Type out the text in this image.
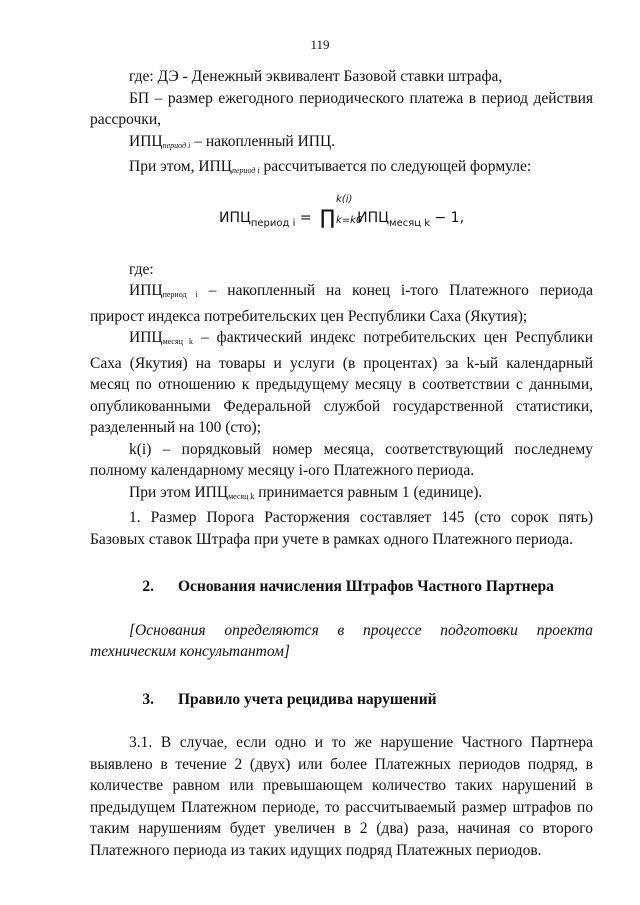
119

где: ДЭ - Денежный эквивалент Базовой ставки штрафа,

БП – размер ежегодного периодического платежа в период действия рассрочки,

ИПЦпериод i – накопленный ИПЦ.

При этом, ИПЦпериод i рассчитывается по следующей формуле:

$ИПЦ_{период i}$ = ∏
k(i)
k=k0
$ИПЦ_{месяц k} - 1$,

где:

ИПЦпериод i – накопленный на конец i-того Платежного периода прирост индекса потребительских цен Республики Саха (Якутия);

ИПЦмесяц k – фактический индекс потребительских цен Республики Саха (Якутия) на товары и услуги (в процентах) за k-ый календарный месяц по отношению к предыдущему месяцу в соответствии с данными, опубликованными Федеральной службой государственной статистики, разделенный на 100 (сто);

k(i) – порядковый номер месяца, соответствующий последнему полному календарному месяцу i-ого Платежного периода.

При этом ИПЦмесяц k принимается равным 1 (единице).

1. Размер Порога Расторжения составляет 145 (сто сорок пять) Базовых ставок Штрафа при учете в рамках одного Платежного периода.

2.	Основания начисления Штрафов Частного Партнера

[Основания определяются в процессе подготовки проекта техническим консультантом]

3.	Правило учета рецидива нарушений

3.1. В случае, если одно и то же нарушение Частного Партнера выявлено в течение 2 (двух) или более Платежных периодов подряд, в количестве равном или превышающем количество таких нарушений в предыдущем Платежном периоде, то рассчитываемый размер штрафов по таким нарушениям будет увеличен в 2 (два) раза, начиная со второго Платежного периода из таких идущих подряд Платежных периодов.
